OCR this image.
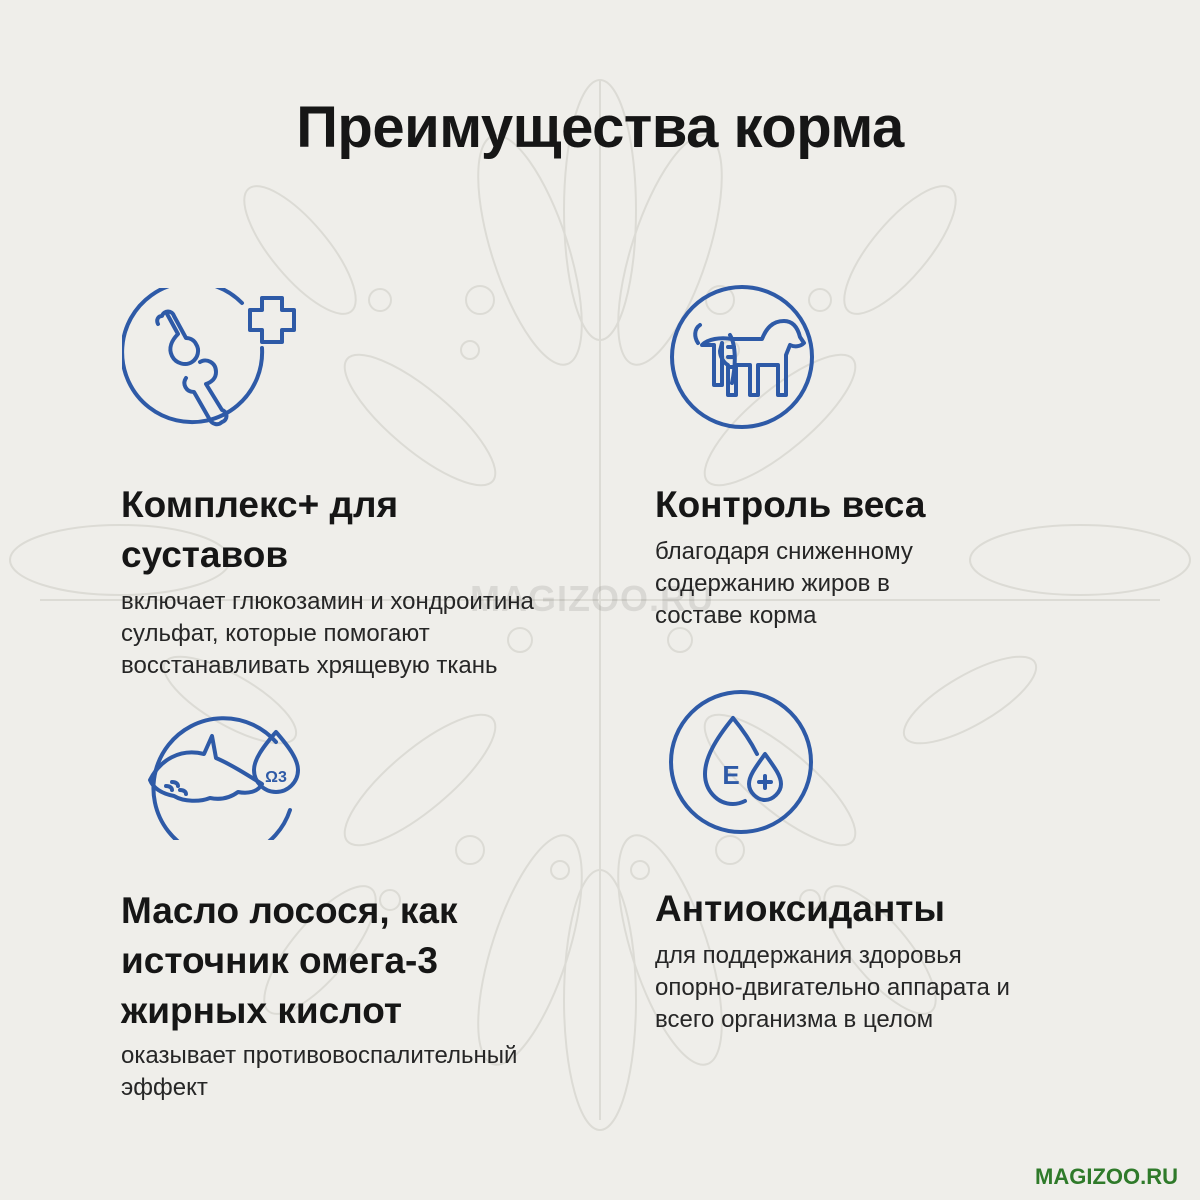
Преимущества корма
Ω3	E
Комплекс+ для суставов

включает глюкозамин и хондроитина сульфат, которые помогают восстанавливать хрящевую ткань

Контроль веса

благодаря сниженному содержанию жиров в составе корма

Масло лосося, как источник омега-3 жирных кислот

оказывает противовоспалительный эффект

Антиоксиданты

для поддержания здоровья опорно-двигательно аппарата и всего организма в целом

MAGIZOO.RU
MAGIZOO.RU
